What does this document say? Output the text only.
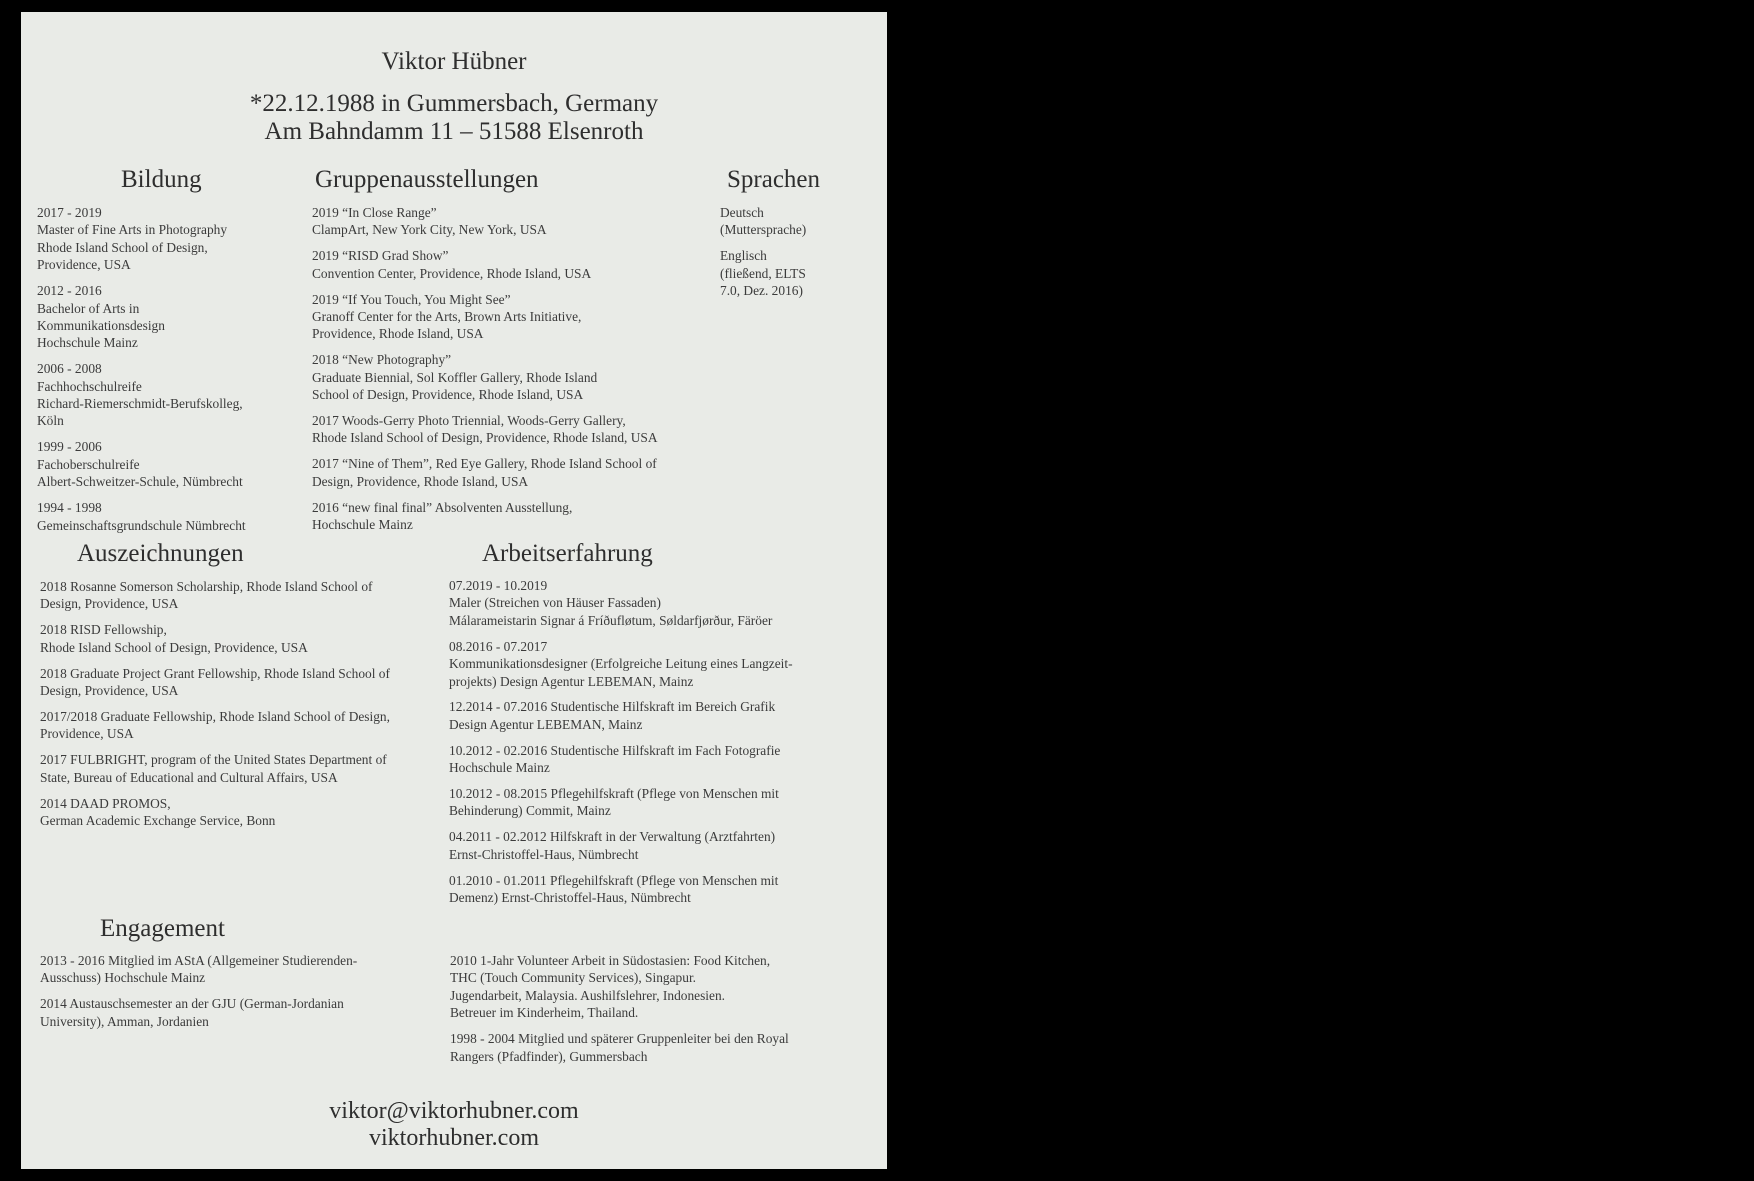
Viktor Hübner
*22.12.1988 in Gummersbach, Germany
Am Bahndamm 11 – 51588 Elsenroth
Bildung
2017 - 2019
Master of Fine Arts in Photography
Rhode Island School of Design,
Providence, USA
2012 - 2016
Bachelor of Arts in
Kommunikationsdesign
Hochschule Mainz
2006 - 2008
Fachhochschulreife
Richard-Riemerschmidt-Berufskolleg,
Köln
1999 - 2006
Fachoberschulreife
Albert-Schweitzer-Schule, Nümbrecht
1994 - 1998
Gemeinschaftsgrundschule Nümbrecht
Gruppenausstellungen
2019 “In Close Range”
ClampArt, New York City, New York, USA
2019 “RISD Grad Show”
Convention Center, Providence, Rhode Island, USA
2019 “If You Touch, You Might See”
Granoff Center for the Arts, Brown Arts Initiative,
Providence, Rhode Island, USA
2018 “New Photography”
Graduate Biennial, Sol Koffler Gallery, Rhode Island
School of Design, Providence, Rhode Island, USA
2017 Woods-Gerry Photo Triennial, Woods-Gerry Gallery,
Rhode Island School of Design, Providence, Rhode Island, USA
2017 “Nine of Them”, Red Eye Gallery, Rhode Island School of
Design, Providence, Rhode Island, USA
2016 “new final final” Absolventen Ausstellung,
Hochschule Mainz
Sprachen
Deutsch
(Muttersprache)
Englisch
(fließend, ELTS
7.0, Dez. 2016)
Auszeichnungen
2018 Rosanne Somerson Scholarship, Rhode Island School of
Design, Providence, USA
2018 RISD Fellowship,
Rhode Island School of Design, Providence, USA
2018 Graduate Project Grant Fellowship, Rhode Island School of
Design, Providence, USA
2017/2018 Graduate Fellowship, Rhode Island School of Design,
Providence, USA
2017 FULBRIGHT, program of the United States Department of
State, Bureau of Educational and Cultural Affairs, USA
2014 DAAD PROMOS,
German Academic Exchange Service, Bonn
Arbeitserfahrung
07.2019 - 10.2019
Maler (Streichen von Häuser Fassaden)
Málarameistarin Signar á Fríðufløtum, Søldarfjørður, Färöer
08.2016 - 07.2017
Kommunikationsdesigner (Erfolgreiche Leitung eines Langzeit-
projekts) Design Agentur LEBEMAN, Mainz
12.2014 - 07.2016 Studentische Hilfskraft im Bereich Grafik
Design Agentur LEBEMAN, Mainz
10.2012 - 02.2016 Studentische Hilfskraft im Fach Fotografie
Hochschule Mainz
10.2012 - 08.2015 Pflegehilfskraft (Pflege von Menschen mit
Behinderung) Commit, Mainz
04.2011 - 02.2012 Hilfskraft in der Verwaltung (Arztfahrten)
Ernst-Christoffel-Haus, Nümbrecht
01.2010 - 01.2011 Pflegehilfskraft (Pflege von Menschen mit
Demenz) Ernst-Christoffel-Haus, Nümbrecht
Engagement
2013 - 2016 Mitglied im AStA (Allgemeiner Studierenden-
Ausschuss) Hochschule Mainz
2014 Austauschsemester an der GJU (German-Jordanian
University), Amman, Jordanien
2010 1-Jahr Volunteer Arbeit in Südostasien: Food Kitchen,
THC (Touch Community Services), Singapur.
Jugendarbeit, Malaysia. Aushilfslehrer, Indonesien.
Betreuer im Kinderheim, Thailand.
1998 - 2004 Mitglied und späterer Gruppenleiter bei den Royal
Rangers (Pfadfinder), Gummersbach
viktor@viktorhubner.com
viktorhubner.com
